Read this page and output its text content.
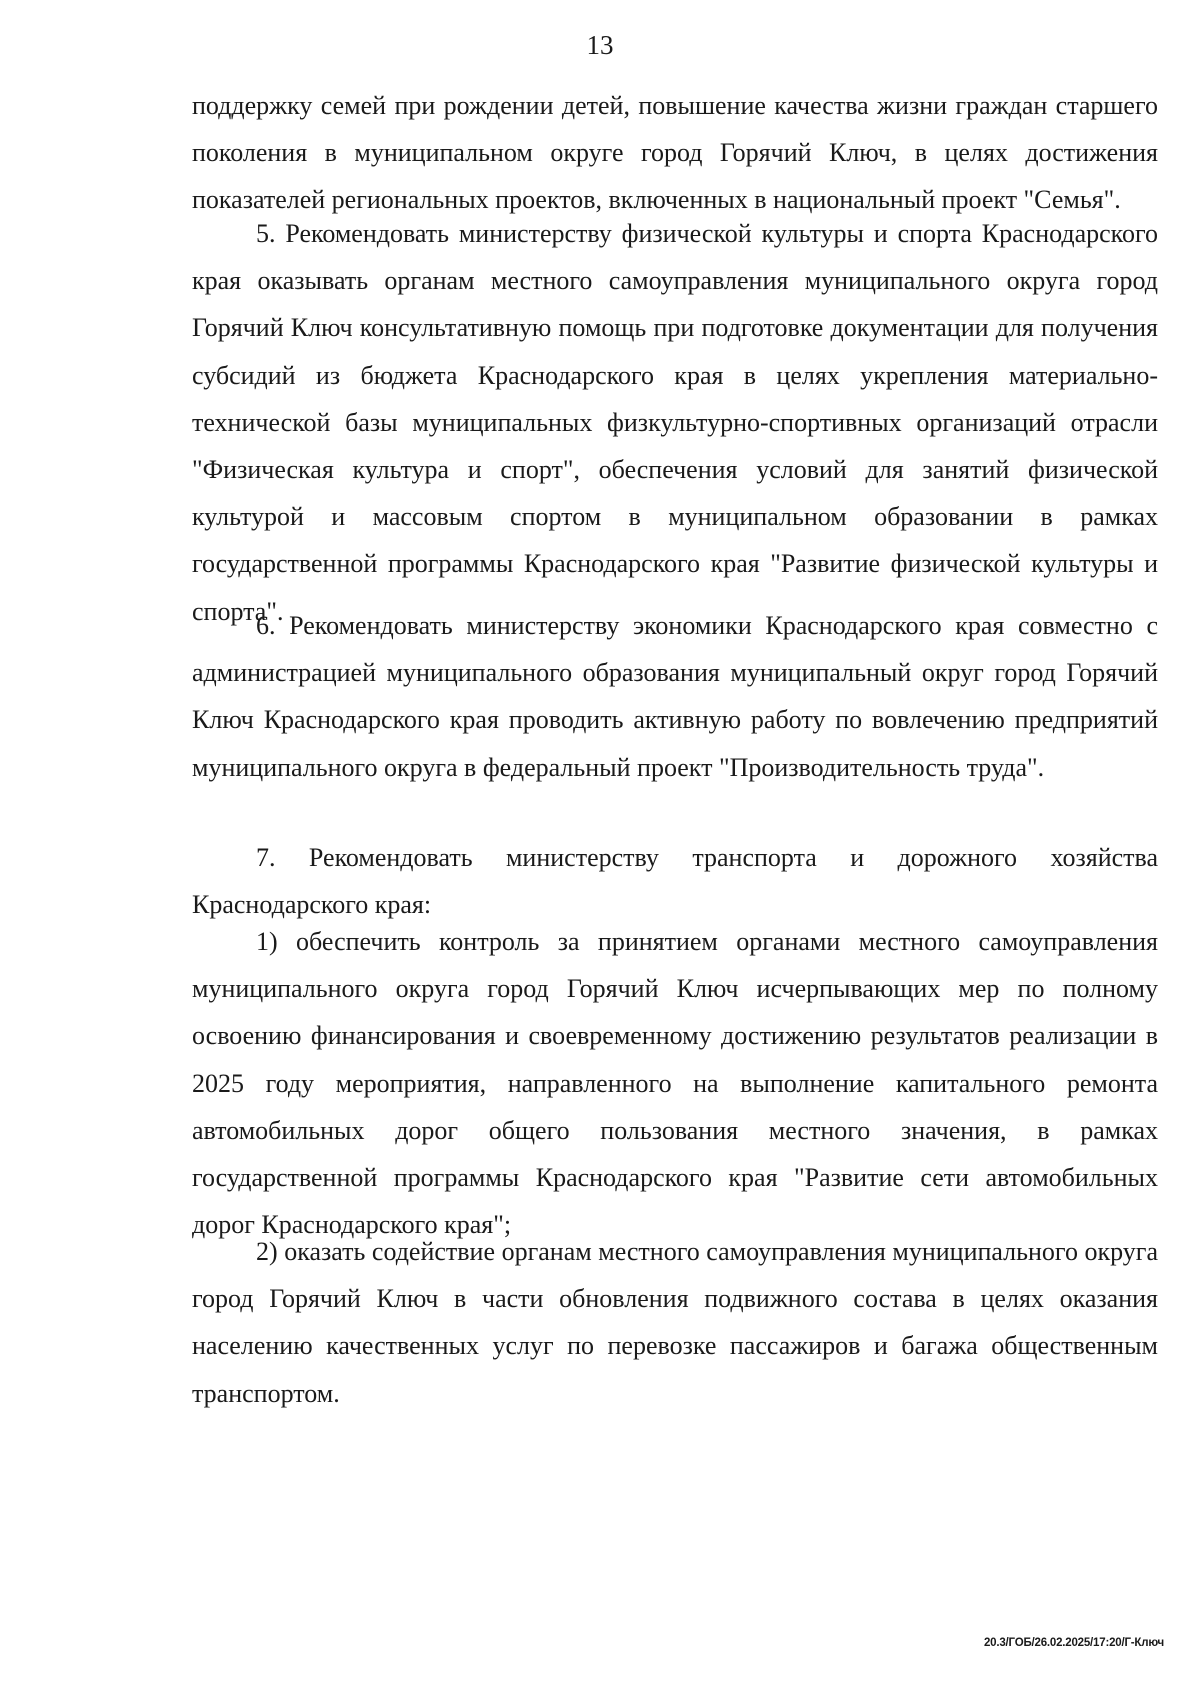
13

поддержку семей при рождении детей, повышение качества жизни граждан старшего поколения в муниципальном округе город Горячий Ключ, в целях достижения показателей региональных проектов, включенных в национальный проект "Семья".

5. Рекомендовать министерству физической культуры и спорта Краснодарского края оказывать органам местного самоуправления муниципального округа город Горячий Ключ консультативную помощь при подготовке документации для получения субсидий из бюджета Краснодарского края в целях укрепления материально-технической базы муниципальных физкультурно-спортивных организаций отрасли "Физическая культура и спорт", обеспечения условий для занятий физической культурой и массовым спортом в муниципальном образовании в рамках государственной программы Краснодарского края "Развитие физической культуры и спорта".

6. Рекомендовать министерству экономики Краснодарского края совместно с администрацией муниципального образования муниципальный округ город Горячий Ключ Краснодарского края проводить активную работу по вовлечению предприятий муниципального округа в федеральный проект "Производительность труда".

7. Рекомендовать министерству транспорта и дорожного хозяйства Краснодарского края:

1) обеспечить контроль за принятием органами местного самоуправления муниципального округа город Горячий Ключ исчерпывающих мер по полному освоению финансирования и своевременному достижению результатов реализации в 2025 году мероприятия, направленного на выполнение капитального ремонта автомобильных дорог общего пользования местного значения, в рамках государственной программы Краснодарского края "Развитие сети автомобильных дорог Краснодарского края";

2) оказать содействие органам местного самоуправления муниципального округа город Горячий Ключ в части обновления подвижного состава в целях оказания населению качественных услуг по перевозке пассажиров и багажа общественным транспортом.

20.3/ГОБ/26.02.2025/17:20/Г-Ключ
